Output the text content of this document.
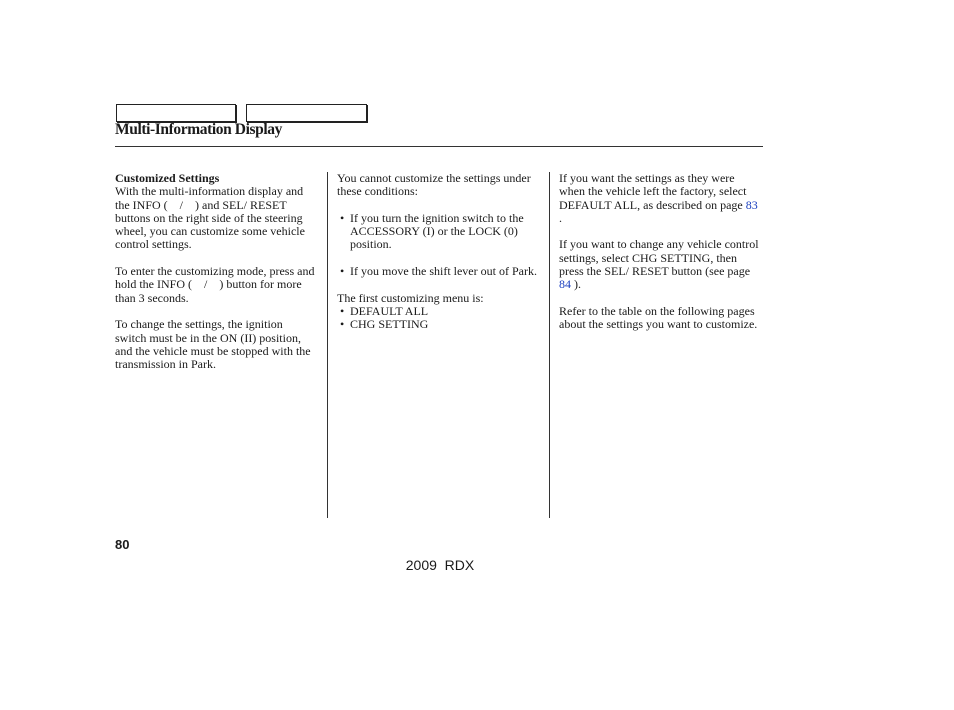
Multi-Information Display
Customized Settings

With the multi-information display and the INFO (  /  ) and SEL/ RESET buttons on the right side of the steering wheel, you can customize some vehicle control settings.

To enter the customizing mode, press and hold the INFO (  /  ) button for more than 3 seconds.

To change the settings, the ignition switch must be in the ON (II) position, and the vehicle must be stopped with the transmission in Park.

You cannot customize the settings under these conditions:

• If you turn the ignition switch to the ACCESSORY (I) or the LOCK (0) position.
• If you move the shift lever out of Park.

The first customizing menu is:

• DEFAULT ALL
• CHG SETTING

If you want the settings as they were when the vehicle left the factory, select DEFAULT ALL, as described on page 83 .

If you want to change any vehicle control settings, select CHG SETTING, then press the SEL/ RESET button (see page 84 ).

Refer to the table on the following pages about the settings you want to customize.

80
2009  RDX
